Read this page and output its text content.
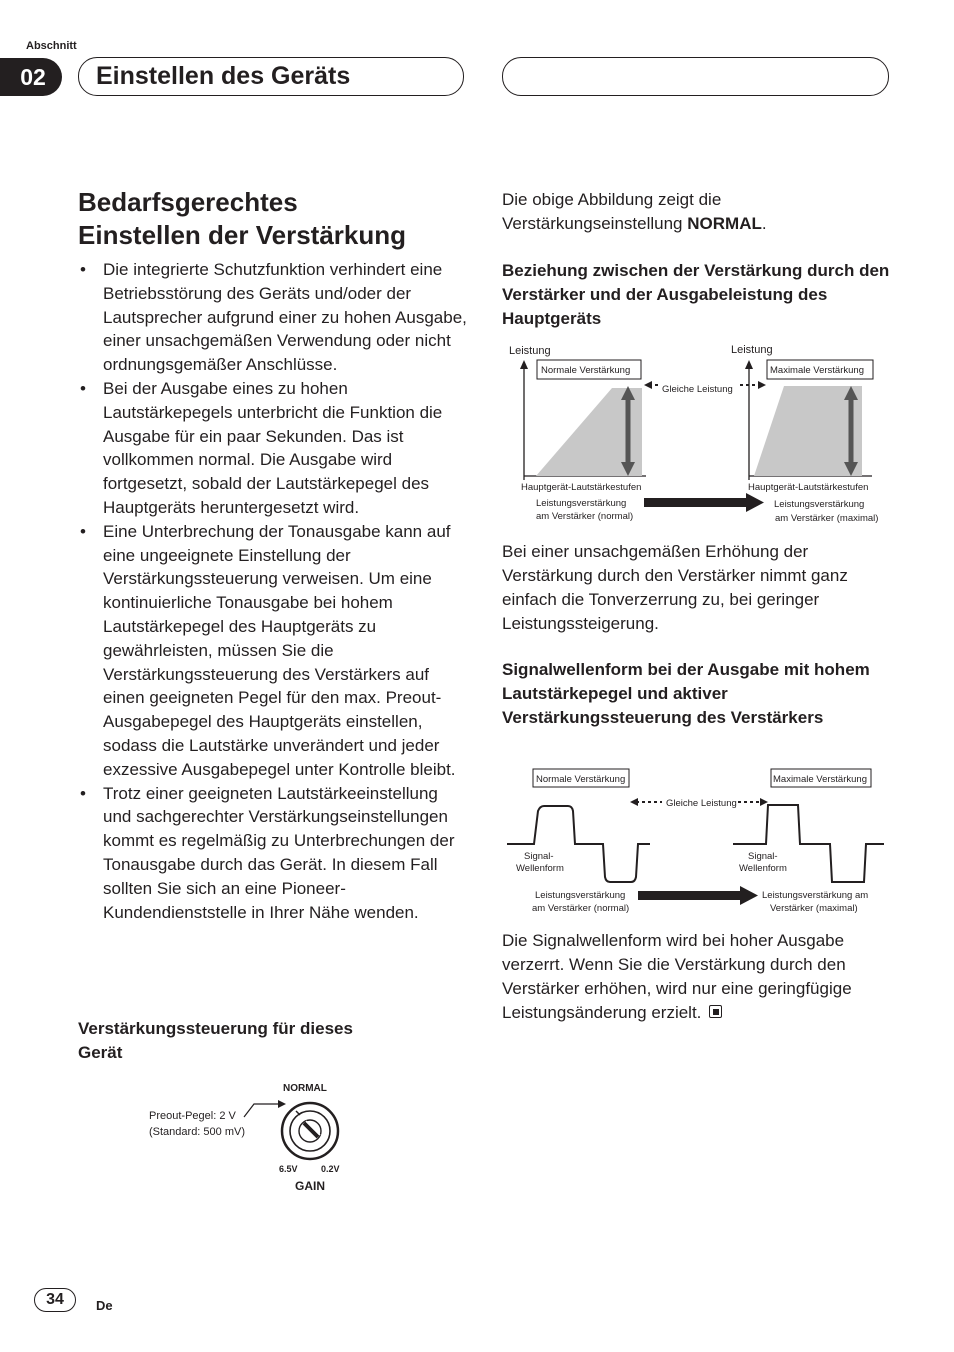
Abschnitt
02	Einstellen des Geräts
Bedarfsgerechtes
Einstellen der Verstärkung
• Die integrierte Schutzfunktion verhindert eine Betriebsstörung des Geräts und/oder der Lautsprecher aufgrund einer zu hohen Ausgabe, einer unsachgemäßen Verwendung oder nicht ordnungsgemäßer Anschlüsse.
• Bei der Ausgabe eines zu hohen Lautstärkepegels unterbricht die Funktion die Ausgabe für ein paar Sekunden. Das ist vollkommen normal. Die Ausgabe wird fortgesetzt, sobald der Lautstärkepegel des Hauptgeräts heruntergesetzt wird.
• Eine Unterbrechung der Tonausgabe kann auf eine ungeeignete Einstellung der Verstärkungssteuerung verweisen. Um eine kontinuierliche Tonausgabe bei hohem Lautstärkepegel des Hauptgeräts zu gewährleisten, müssen Sie die Verstärkungssteuerung des Verstärkers auf einen geeigneten Pegel für den max. Preout-Ausgabepegel des Hauptgeräts einstellen, sodass die Lautstärke unverändert und jeder exzessive Ausgabepegel unter Kontrolle bleibt.
• Trotz einer geeigneten Lautstärkeeinstellung und sachgerechter Verstärkungseinstellungen kommt es regelmäßig zu Unterbrechungen der Tonausgabe durch das Gerät. In diesem Fall sollten Sie sich an eine Pioneer-Kundendienststelle in Ihrer Nähe wenden.
Verstärkungssteuerung für dieses
Gerät
Preout-Pegel: 2 V
(Standard: 500 mV)
NORMAL
6.5V	0.2V
GAIN

Die obige Abbildung zeigt die Verstärkungseinstellung NORMAL.

Beziehung zwischen der Verstärkung durch den Verstärker und der Ausgabeleistung des Hauptgeräts
Leistung
Normale Verstärkung
Hauptgerät-Lautstärkestufen
Leistungsverstärkung
am Verstärker (normal)
Gleiche Leistung
Leistung
Maximale Verstärkung
Hauptgerät-Lautstärkestufen
Leistungsverstärkung
am Verstärker (maximal)

Bei einer unsachgemäßen Erhöhung der Verstärkung durch den Verstärker nimmt ganz einfach die Tonverzerrung zu, bei geringer Leistungssteigerung.

Signalwellenform bei der Ausgabe mit hohem Lautstärkepegel und aktiver Verstärkungssteuerung des Verstärkers
Normale Verstärkung	Maximale Verstärkung
Gleiche Leistung
Signal-
Wellenform
Signal-
Wellenform
Leistungsverstärkung
am Verstärker (normal)
Leistungsverstärkung am
Verstärker (maximal)

Die Signalwellenform wird bei hoher Ausgabe verzerrt. Wenn Sie die Verstärkung durch den Verstärker erhöhen, wird nur eine geringfügige Leistungsänderung erzielt.

34	De
